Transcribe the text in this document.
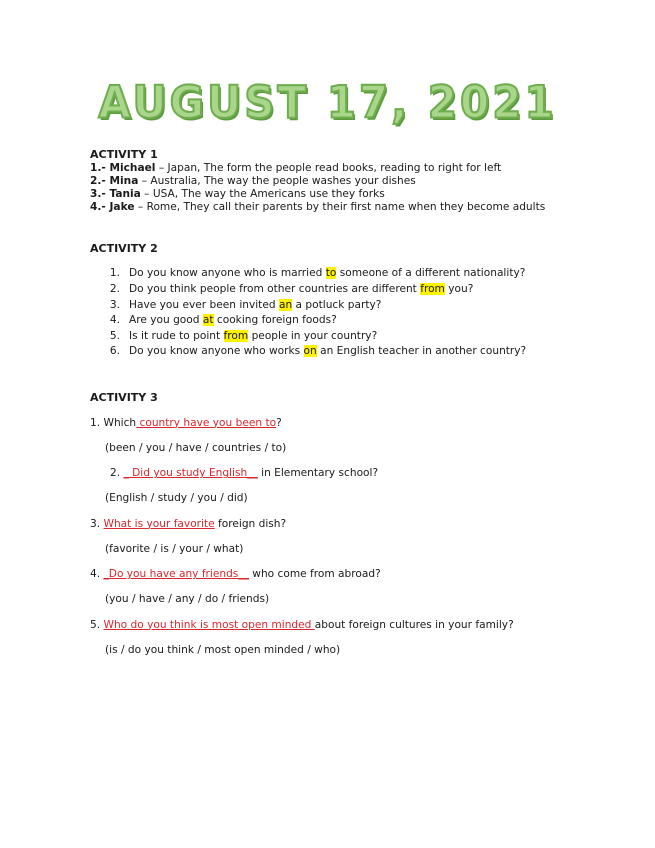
AUGUST 17, 2021

ACTIVITY 1

1.- Michael – Japan, The form the people read books, reading to right for left

2.- Mina – Australia, The way the people washes your dishes

3.- Tania – USA, The way the Americans use they forks

4.- Jake – Rome, They call their parents by their first name when they become adults

ACTIVITY 2

1. Do you know anyone who is married to someone of a different nationality?
2. Do you think people from other countries are different from you?
3. Have you ever been invited an a potluck party?
4. Are you good at cooking foreign foods?
5. Is it rude to point from people in your country?
6. Do you know anyone who works on an English teacher in another country?

ACTIVITY 3

1. Which country have you been to?
(been / you / have / countries / to)
2. _ Did you study English__ in Elementary school?
(English / study / you / did)
3. What is your favorite foreign dish?
(favorite / is / your / what)
4. _Do you have any friends__ who come from abroad?
(you / have / any / do / friends)
5. Who do you think is most open minded about foreign cultures in your family?
(is / do you think / most open minded / who)
